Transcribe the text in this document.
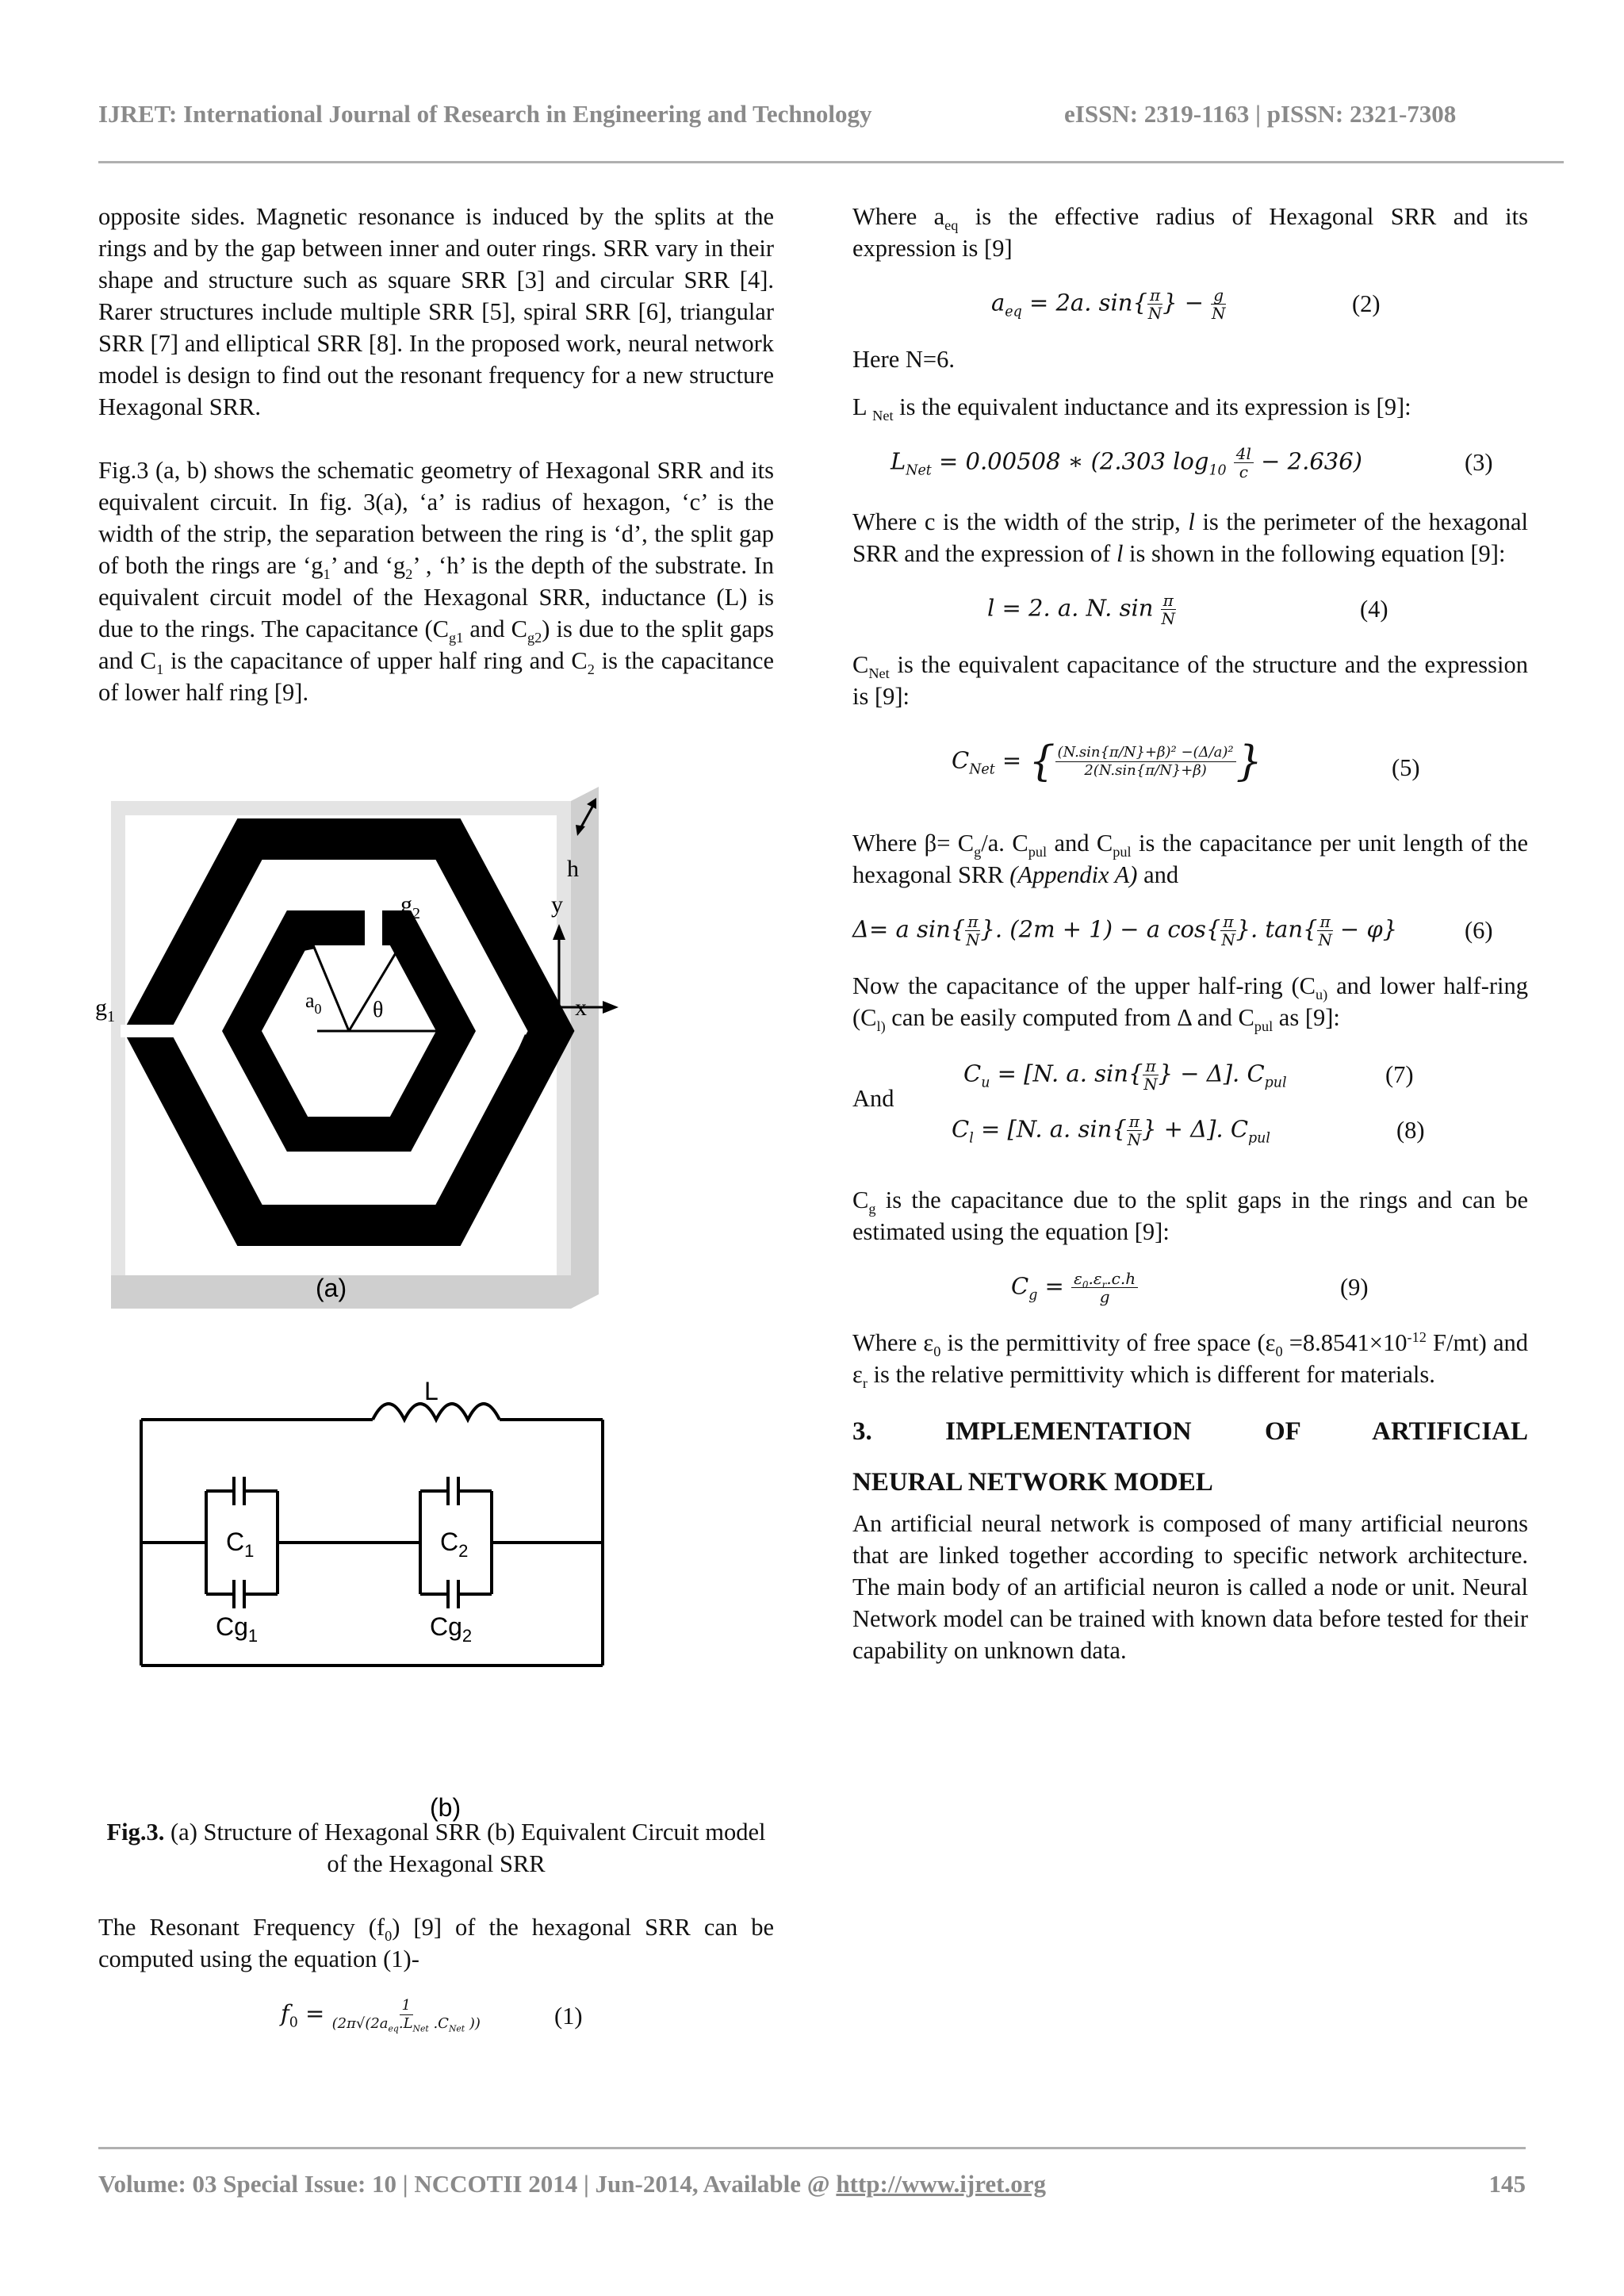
IJRET: International Journal of Research in Engineering and Technology	eISSN: 2319-1163 | pISSN: 2321-7308

opposite sides. Magnetic resonance is induced by the splits at the rings and by the gap between inner and outer rings. SRR vary in their shape and structure such as square SRR [3] and circular SRR [4]. Rarer structures include multiple SRR [5], spiral SRR [6], triangular SRR [7] and elliptical SRR [8]. In the proposed work, neural network model is design to find out the resonant frequency for a new structure Hexagonal SRR.

Fig.3 (a, b) shows the schematic geometry of Hexagonal SRR and its equivalent circuit. In fig. 3(a), ‘a’ is radius of hexagon, ‘c’ is the width of the strip, the separation between the ring is ‘d’, the split gap of both the rings are ‘$g_1$’ and ‘$g_2$’ , ‘h’ is the depth of the substrate. In equivalent circuit model of the Hexagonal SRR, inductance (L) is due to the rings. The capacitance ($C_{g1}$ and $C_{g2}$) is due to the split gaps and $C_1$ is the capacitance of upper half ring and $C_2$ is the capacitance of lower half ring [9].

h
y
x
z
$g_1$
$g_2$
$a_0$ θ
c
d
(a)
L
$C_1$	$C_2$
$Cg_1$	$Cg_2$
(b)
Fig.3. (a) Structure of Hexagonal SRR (b) Equivalent Circuit model of the Hexagonal SRR

The Resonant Frequency $(f_0)$ [9] of the hexagonal SRR can be computed using the equation (1)-

$f_0 = \frac{1}{(2\pi√(2a_{eq}.L_{Net} .C_{Net} ))}$	(1)

Where $a_{eq}$ is the effective radius of Hexagonal SRR and its expression is [9]

$a_{eq} = 2a$. $\sin\{ \frac{\pi}{N}$ } − $\frac{g}{N}$	(2)

Here N=6.

L $_{Net}$ is the equivalent inductance and its expression is [9]:

$L_{Net} = 0.00508$ ∗ (2.303 $\log_{10} \frac{4l}{c} - 2.636$)	(3)

Where c is the width of the strip, l is the perimeter of the hexagonal SRR and the expression of l is shown in the following equation [9]:

l = 2. a. N. $\sin \frac{\pi}{N}$	(4)

$C_{Net}$ is the equivalent capacitance of the structure and the expression is [9]:

$C_{Net}$ = { $\frac{\text{(N.sin\{π/N\}+β)² −(Δ/a)²}}{2(N.\sin\{\pi/N\}+\beta)}$ }	(5)

Where $\beta= C_g/a$. $C_{pul}$ and $C_{pul}$ is the capacitance per unit length of the hexagonal SRR (Appendix A) and

Δ= a $\sin\{ \frac{\pi}{N}$ }. (2m + 1) − a $\cos\{ \frac{\pi}{N}$ }. $\tan\{ \frac{\pi}{N} - \varphi\}$	(6)

Now the capacitance of the upper half-ring ($C_{u)}$ and lower half-ring ($C_{l)}$ can be easily computed from Δ and $C_{pul}$ as [9]:

$C_u = [N$. a. $\sin\{ \frac{\pi}{N}$ } − Δ]. $C_{pul}$	(7)
And
$C_l = [N$. a. $\sin\{ \frac{\pi}{N}$ } + Δ]. $C_{pul}$	(8)

$C_g$ is the capacitance due to the split gaps in the rings and can be estimated using the equation [9]:

$C_g = \frac{\varepsilon_0.\varepsilon_r.c.h}{g}$	(9)

Where $\varepsilon_0$ is the permittivity of free space ($\varepsilon_0 =8.8541\times 10^{-12}$ F/mt) and $\varepsilon_r$ is the relative permittivity which is different for materials.

3. IMPLEMENTATION OF ARTIFICIAL
NEURAL NETWORK MODEL

An artificial neural network is composed of many artificial neurons that are linked together according to specific network architecture. The main body of an artificial neuron is called a node or unit. Neural Network model can be trained with known data before tested for their capability on unknown data.

Volume: 03 Special Issue: 10 | NCCOTII 2014 | Jun-2014, Available @ http://www.ijret.org	145
